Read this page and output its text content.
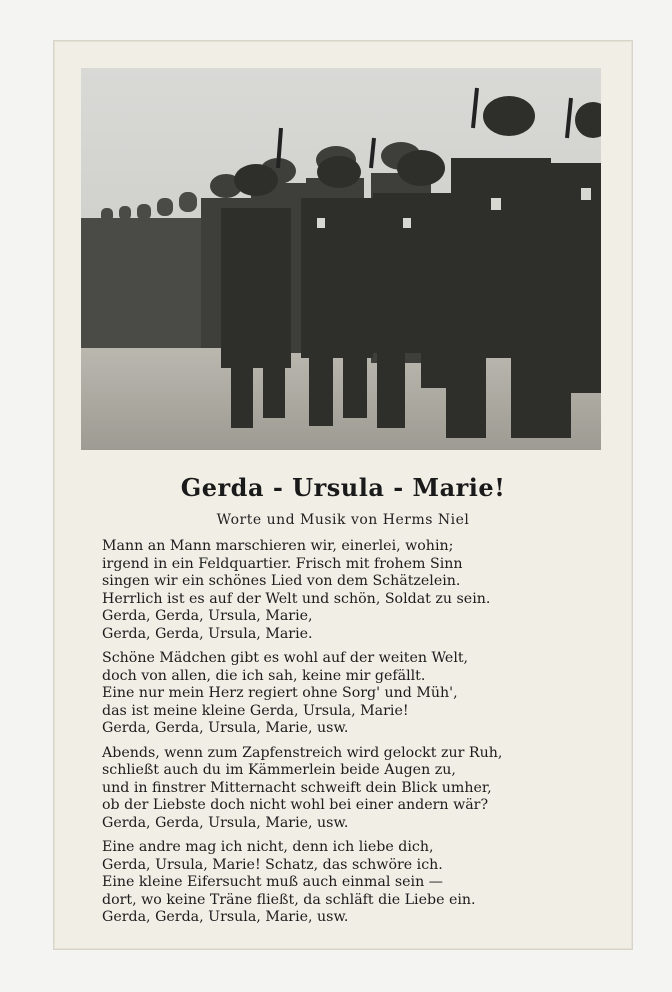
Gerda - Ursula - Marie!
Worte und Musik von Herms Niel
Mann an Mann marschieren wir, einerlei, wohin;
irgend in ein Feldquartier. Frisch mit frohem Sinn
singen wir ein schönes Lied von dem Schätzelein.
Herrlich ist es auf der Welt und schön, Soldat zu sein.
Gerda, Gerda, Ursula, Marie,
Gerda, Gerda, Ursula, Marie.
Schöne Mädchen gibt es wohl auf der weiten Welt,
doch von allen, die ich sah, keine mir gefällt.
Eine nur mein Herz regiert ohne Sorg' und Müh',
das ist meine kleine Gerda, Ursula, Marie!
Gerda, Gerda, Ursula, Marie, usw.
Abends, wenn zum Zapfenstreich wird gelockt zur Ruh,
schließt auch du im Kämmerlein beide Augen zu,
und in finstrer Mitternacht schweift dein Blick umher,
ob der Liebste doch nicht wohl bei einer andern wär?
Gerda, Gerda, Ursula, Marie, usw.
Eine andre mag ich nicht, denn ich liebe dich,
Gerda, Ursula, Marie! Schatz, das schwöre ich.
Eine kleine Eifersucht muß auch einmal sein —
dort, wo keine Träne fließt, da schläft die Liebe ein.
Gerda, Gerda, Ursula, Marie, usw.
